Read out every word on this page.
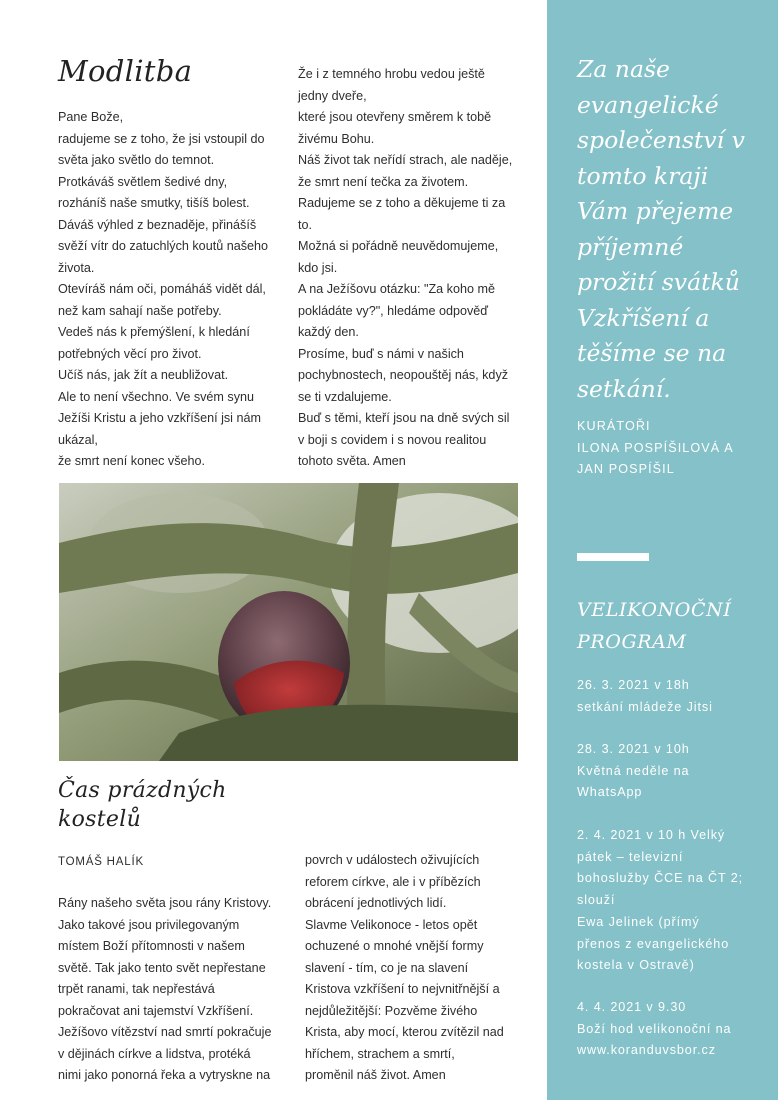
Modlitba
Pane Bože,
radujeme se z toho, že jsi vstoupil do
světa jako světlo do temnot.
Protkáváš světlem šedivé dny,
rozháníš naše smutky, tišíš bolest.
Dáváš výhled z beznaděje, přinášíš
svěží vítr do zatuchlých koutů našeho
života.
Otevíráš nám oči, pomáháš vidět dál,
než kam sahají naše potřeby.
Vedeš nás k přemýšlení, k hledání
potřebných věcí pro život.
Učíš nás, jak žít a neubližovat.
Ale to není všechno. Ve svém synu
Ježíši Kristu a jeho vzkříšení jsi nám
ukázal,
že smrt není konec všeho.
Že i z temného hrobu vedou ještě
jedny dveře,
které jsou otevřeny směrem k tobě
živému Bohu.
Náš život tak neřídí strach, ale naděje,
že smrt není tečka za životem.
Radujeme se z toho a děkujeme ti za
to.
Možná si pořádně neuvědomujeme,
kdo jsi.
A na Ježíšovu otázku: "Za koho mě
pokládáte vy?", hledáme odpověď
každý den.
Prosíme, buď s námi v našich
pochybnostech, neopouštěj nás, když
se ti vzdalujeme.
Buď s těmi, kteří jsou na dně svých sil
v boji s covidem i s novou realitou
tohoto světa. Amen
Čas prázdných
kostelů
TOMÁŠ HALÍK
Rány našeho světa jsou rány Kristovy.
Jako takové jsou privilegovaným
místem Boží přítomnosti v našem
světě. Tak jako tento svět nepřestane
trpět ranami, tak nepřestává
pokračovat ani tajemství Vzkříšení.
Ježíšovo vítězství nad smrtí pokračuje
v dějinách církve a lidstva, protéká
nimi jako ponorná řeka a vytryskne na
povrch v událostech oživujících
reforem církve, ale i v příbězích
obrácení jednotlivých lidí.
Slavme Velikonoce - letos opět
ochuzené o mnohé vnější formy
slavení - tím, co je na slavení
Kristova vzkříšení to nejvnitřnější a
nejdůležitější: Pozvěme živého
Krista, aby mocí, kterou zvítězil nad
hříchem, strachem a smrtí,
proměnil náš život. Amen
Za naše
evangelické
společenství v
tomto kraji
Vám přejeme
příjemné
prožití svátků
Vzkříšení a
těšíme se na
setkání.
KURÁTOŘI
ILONA POSPÍŠILOVÁ A
JAN POSPÍŠIL
VELIKONOČNÍ
PROGRAM
26. 3. 2021 v 18h
setkání mládeže Jitsi
28. 3. 2021 v 10h
Květná neděle na
WhatsApp
2. 4. 2021 v 10 h Velký
pátek – televizní
bohoslužby ČCE na ČT 2;
slouží
Ewa Jelinek (přímý
přenos z evangelického
kostela v Ostravě)
4. 4. 2021 v 9.30
Boží hod velikonoční na
www.koranduvsbor.cz
